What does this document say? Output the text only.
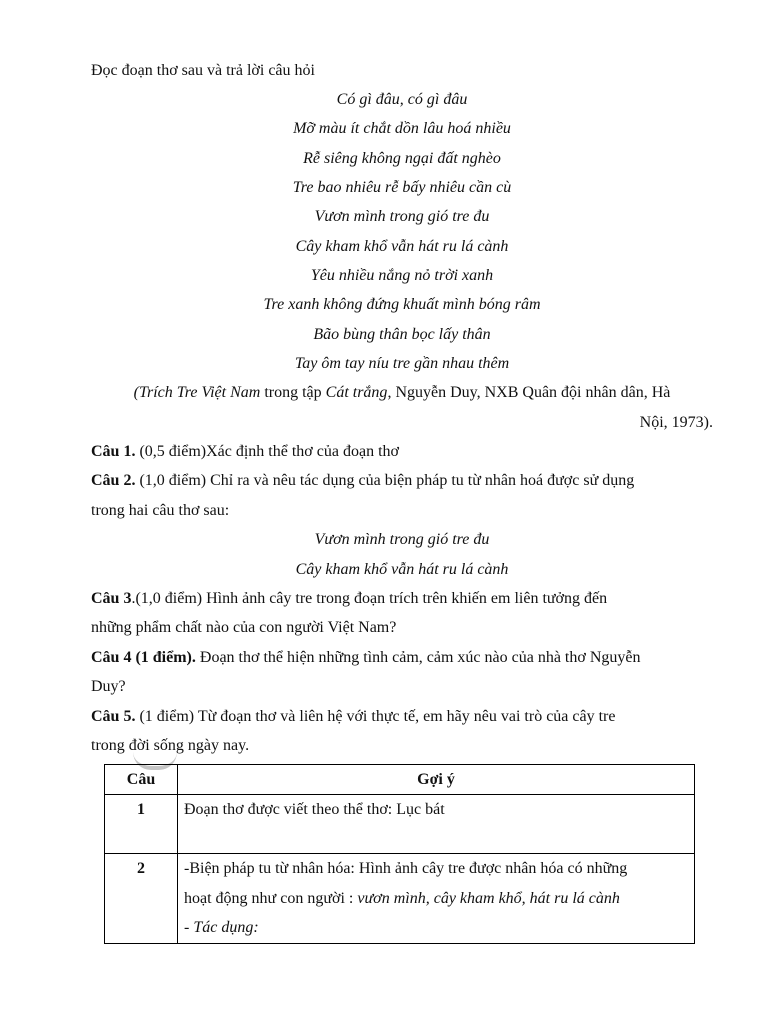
Đọc đoạn thơ sau và trả lời câu hỏi
Có gì đâu, có gì đâu
Mỡ màu ít chắt dồn lâu hoá nhiều
Rễ siêng không ngại đất nghèo
Tre bao nhiêu rễ bấy nhiêu cần cù
Vươn mình trong gió tre đu
Cây kham khổ vẫn hát ru lá cành
Yêu nhiều nắng nỏ trời xanh
Tre xanh không đứng khuất mình bóng râm
Bão bùng thân bọc lấy thân
Tay ôm tay níu tre gần nhau thêm
(Trích Tre Việt Nam trong tập Cát trắng, Nguyễn Duy, NXB Quân đội nhân dân, Hà
Nội, 1973).
Câu 1. (0,5 điểm)Xác định thể thơ của đoạn thơ
Câu 2. (1,0 điểm) Chỉ ra và nêu tác dụng của biện pháp tu từ nhân hoá được sử dụng
trong hai câu thơ sau:
Vươn mình trong gió tre đu
Cây kham khổ vẫn hát ru lá cành
Câu 3.(1,0 điểm) Hình ảnh cây tre trong đoạn trích trên khiến em liên tưởng đến
những phẩm chất nào của con người Việt Nam?
Câu 4 (1 điểm). Đoạn thơ thể hiện những tình cảm, cảm xúc nào của nhà thơ Nguyễn
Duy?
Câu 5. (1 điểm) Từ đoạn thơ và liên hệ với thực tế, em hãy nêu vai trò của cây tre
trong đời sống ngày nay.
Câu	Gợi ý
1	Đoạn thơ được viết theo thể thơ: Lục bát
2	-Biện pháp tu từ nhân hóa: Hình ảnh cây tre được nhân hóa có những
hoạt động như con người : vươn mình, cây kham khổ, hát ru lá cành
- Tác dụng:
